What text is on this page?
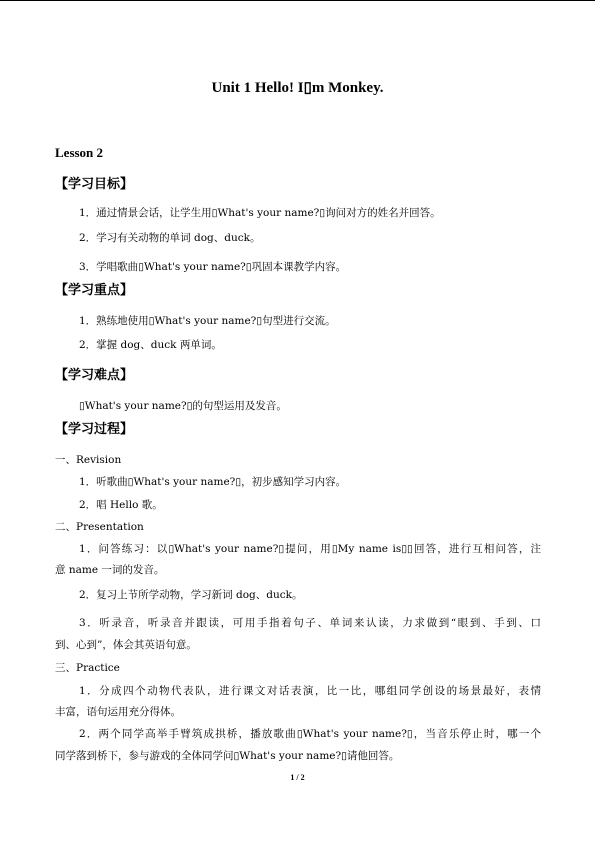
Unit 1 Hello! I▯m Monkey.
Lesson 2
【学习目标】
1．通过情景会话，让学生用▯What's your name?▯询问对方的姓名并回答。
2．学习有关动物的单词 dog、duck。
3．学唱歌曲▯What's your name?▯巩固本课教学内容。
【学习重点】
1．熟练地使用▯What's your name?▯句型进行交流。
2．掌握 dog、duck 两单词。
【学习难点】
▯What's your name?▯的句型运用及发音。
【学习过程】
一、Revision
1．听歌曲▯What's your name?▯，初步感知学习内容。
2．唱 Hello 歌。
二、Presentation
1．问答练习：以▯What's your name?▯提问，用▯My name is▯▯回答，进行互相问答，注
意 name 一词的发音。
2．复习上节所学动物，学习新词 dog、duck。
3．听录音，听录音并跟读，可用手指着句子、单词来认读，力求做到“眼到、手到、口
到、心到”，体会其英语句意。
三、Practice
1．分成四个动物代表队，进行课文对话表演，比一比，哪组同学创设的场景最好，表情
丰富，语句运用充分得体。
2．两个同学高举手臂筑成拱桥，播放歌曲▯What's your name?▯，当音乐停止时，哪一个
同学落到桥下，参与游戏的全体同学问▯What's your name?▯请他回答。
1 / 2
